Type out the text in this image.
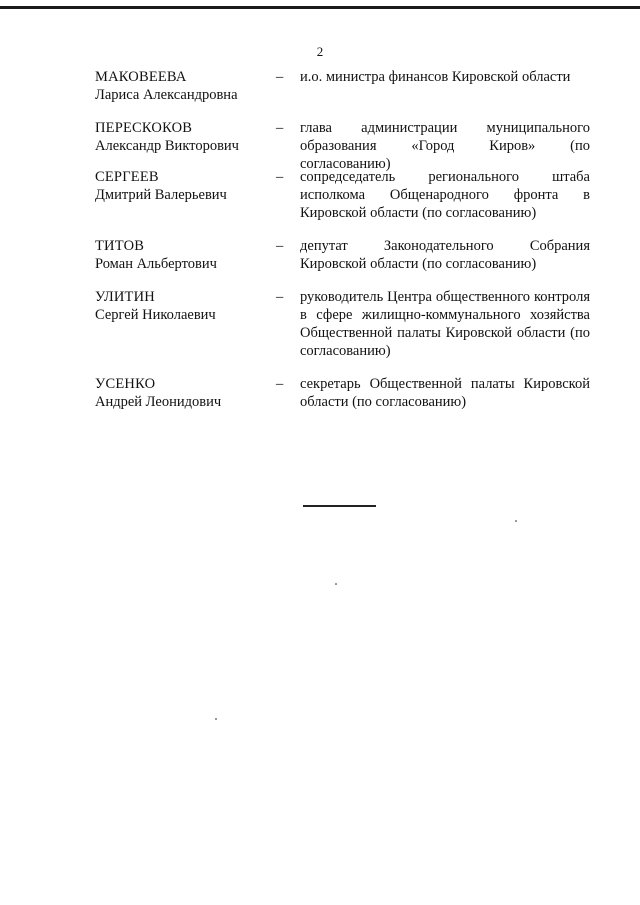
2
МАКОВЕЕВА
Лариса Александровна
– и.о. министра финансов Кировской области
ПЕРЕСКОКОВ
Александр Викторович
– глава администрации муниципального образования «Город Киров» (по согласованию)
СЕРГЕЕВ
Дмитрий Валерьевич
– сопредседатель регионального штаба исполкома Общенародного фронта в Кировской области (по согласованию)
ТИТОВ
Роман Альбертович
– депутат Законодательного Собрания Кировской области (по согласованию)
УЛИТИН
Сергей Николаевич
– руководитель Центра общественного контроля в сфере жилищно-коммунального хозяйства Общественной палаты Кировской области (по согласованию)
УСЕНКО
Андрей Леонидович
– секретарь Общественной палаты Кировской области (по согласованию)
